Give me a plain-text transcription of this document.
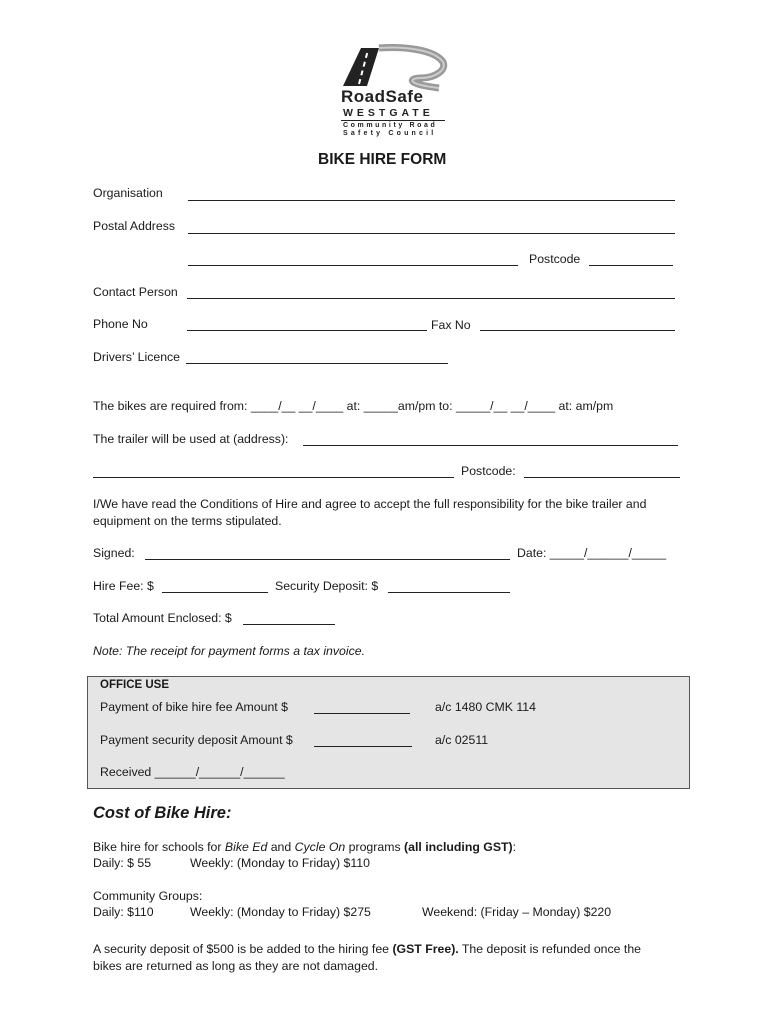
RoadSafe
WESTGATE
Community Road
Safety Council
BIKE HIRE FORM
Organisation
Postal Address
Postcode
Contact Person
Phone No	Fax No
Drivers’ Licence
The bikes are required from: ____/__ __/____ at: _____am/pm to: _____/__ __/____ at: am/pm
The trailer will be used at (address):
Postcode:
I/We have read the Conditions of Hire and agree to accept the full responsibility for the bike trailer and
equipment on the terms stipulated.
Signed:	Date: _____/______/_____
Hire Fee: $	Security Deposit: $
Total Amount Enclosed: $
Note: The receipt for payment forms a tax invoice.
OFFICE USE
Payment of bike hire fee Amount $	a/c 1480 CMK 114
Payment security deposit Amount $	a/c 02511
Received ______/______/______
Cost of Bike Hire:
Bike hire for schools for Bike Ed and Cycle On programs (all including GST):
Daily: $ 55	Weekly: (Monday to Friday) $110
Community Groups:
Daily: $110	Weekly: (Monday to Friday) $275	Weekend: (Friday – Monday) $220
A security deposit of $500 is be added to the hiring fee (GST Free). The deposit is refunded once the
bikes are returned as long as they are not damaged.
